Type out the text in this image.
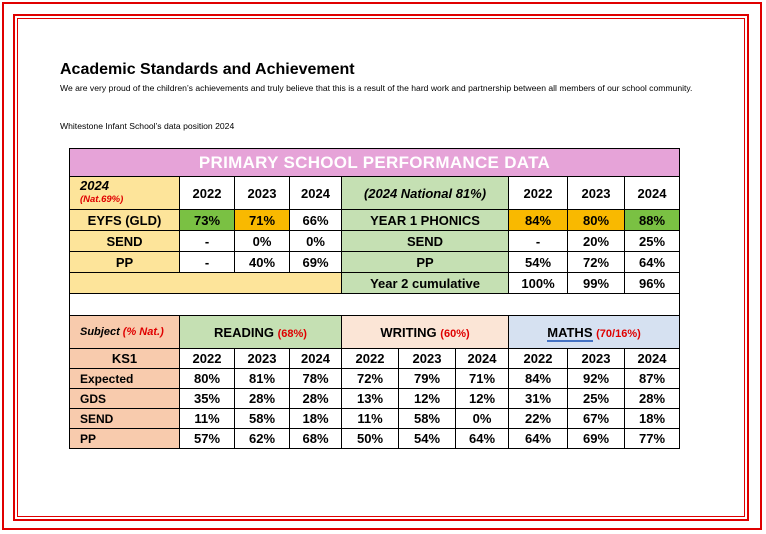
Academic Standards and Achievement
We are very proud of the children’s achievements and truly believe that this is a result of the hard work and partnership between all members of our school community.
Whitestone Infant School’s data position 2024
PRIMARY SCHOOL PERFORMANCE DATA									

2024
(Nat.69%)	2022	2023	2024	(2024 National 81%)			2022	2023	2024
EYFS (GLD)	73%	71%	66%	YEAR 1 PHONICS			84%	80%	88%
SEND	-	0%	0%	SEND			-	20%	25%
PP	-	40%	69%	PP			54%	72%	64%
				Year 2 cumulative			100%	99%	96%

Subject (% Nat.)	READING (68%)			WRITING (60%)			MATHS (70/16%)		
KS1	2022	2023	2024	2022	2023	2024	2022	2023	2024
Expected	80%	81%	78%	72%	79%	71%	84%	92%	87%
GDS	35%	28%	28%	13%	12%	12%	31%	25%	28%
SEND	11%	58%	18%	11%	58%	0%	22%	67%	18%
PP	57%	62%	68%	50%	54%	64%	64%	69%	77%
